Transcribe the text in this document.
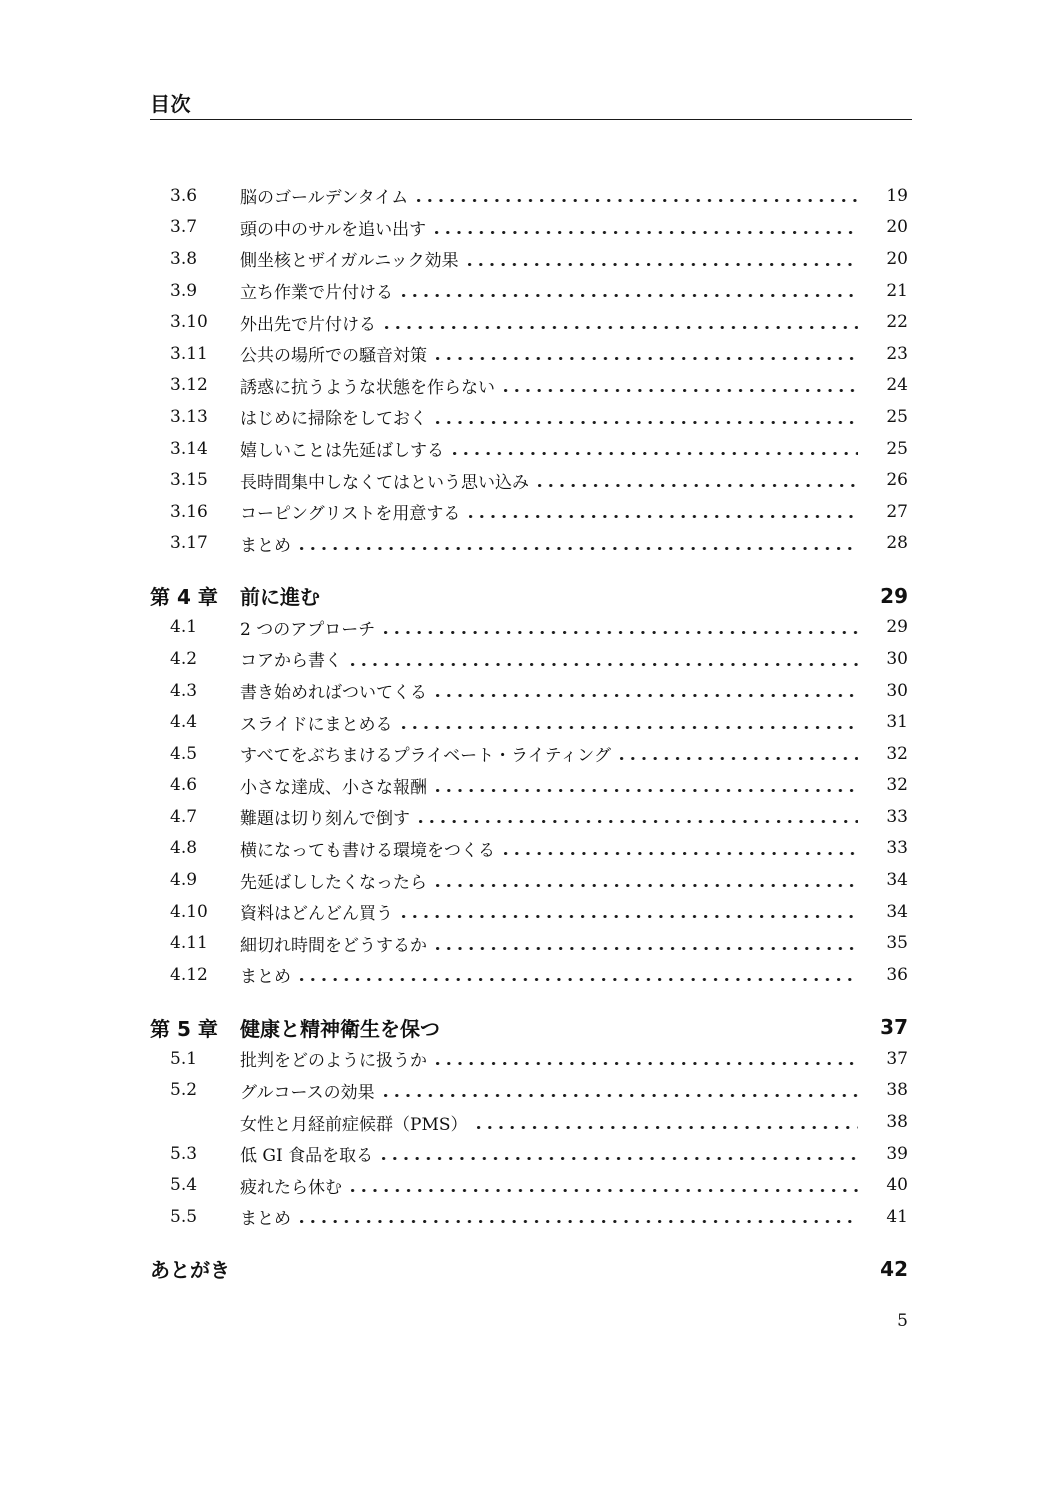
目次
3.6	脳のゴールデンタイム	19
3.7	頭の中のサルを追い出す	20
3.8	側坐核とザイガルニック効果	20
3.9	立ち作業で片付ける	21
3.10	外出先で片付ける	22
3.11	公共の場所での騒音対策	23
3.12	誘惑に抗うような状態を作らない	24
3.13	はじめに掃除をしておく	25
3.14	嬉しいことは先延ばしする	25
3.15	長時間集中しなくてはという思い込み	26
3.16	コーピングリストを用意する	27
3.17	まとめ	28
第 4 章	前に進む	29
4.1	2 つのアプローチ	29
4.2	コアから書く	30
4.3	書き始めればついてくる	30
4.4	スライドにまとめる	31
4.5	すべてをぶちまけるプライベート・ライティング	32
4.6	小さな達成、小さな報酬	32
4.7	難題は切り刻んで倒す	33
4.8	横になっても書ける環境をつくる	33
4.9	先延ばししたくなったら	34
4.10	資料はどんどん買う	34
4.11	細切れ時間をどうするか	35
4.12	まとめ	36
第 5 章	健康と精神衛生を保つ	37
5.1	批判をどのように扱うか	37
5.2	グルコースの効果	38
女性と月経前症候群（PMS）	38
5.3	低 GI 食品を取る	39
5.4	疲れたら休む	40
5.5	まとめ	41
あとがき	42
5
